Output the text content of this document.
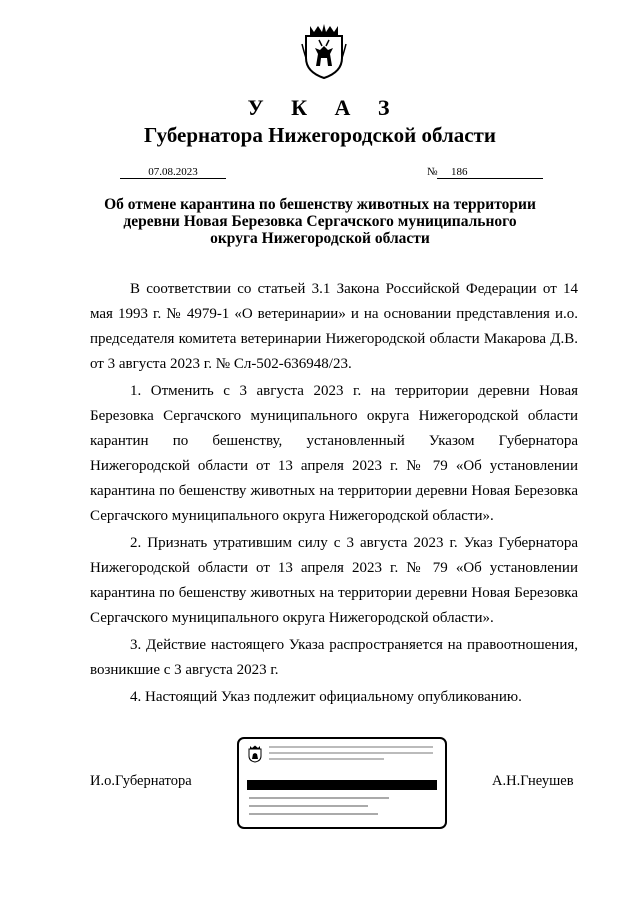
У К А З
Губернатора Нижегородской области
07.08.2023	№	186
Об отмене карантина по бешенству животных на территории деревни Новая Березовка Сергачского муниципального округа Нижегородской области

В соответствии со статьей 3.1 Закона Российской Федерации от 14 мая 1993 г. № 4979-1 «О ветеринарии» и на основании представления и.о. председателя комитета ветеринарии Нижегородской области Макарова Д.В. от 3 августа 2023 г. № Сл-502-636948/23.

1. Отменить с 3 августа 2023 г. на территории деревни Новая Березовка Сергачского муниципального округа Нижегородской области карантин по бешенству, установленный Указом Губернатора Нижегородской области от 13 апреля 2023 г. № 79 «Об установлении карантина по бешенству животных на территории деревни Новая Березовка Сергачского муниципального округа Нижегородской области».

2. Признать утратившим силу с 3 августа 2023 г. Указ Губернатора Нижегородской области от 13 апреля 2023 г. № 79 «Об установлении карантина по бешенству животных на территории деревни Новая Березовка Сергачского муниципального округа Нижегородской области».

3. Действие настоящего Указа распространяется на правоотношения, возникшие с 3 августа 2023 г.

4. Настоящий Указ подлежит официальному опубликованию.

И.о.Губернатора	А.Н.Гнеушев
